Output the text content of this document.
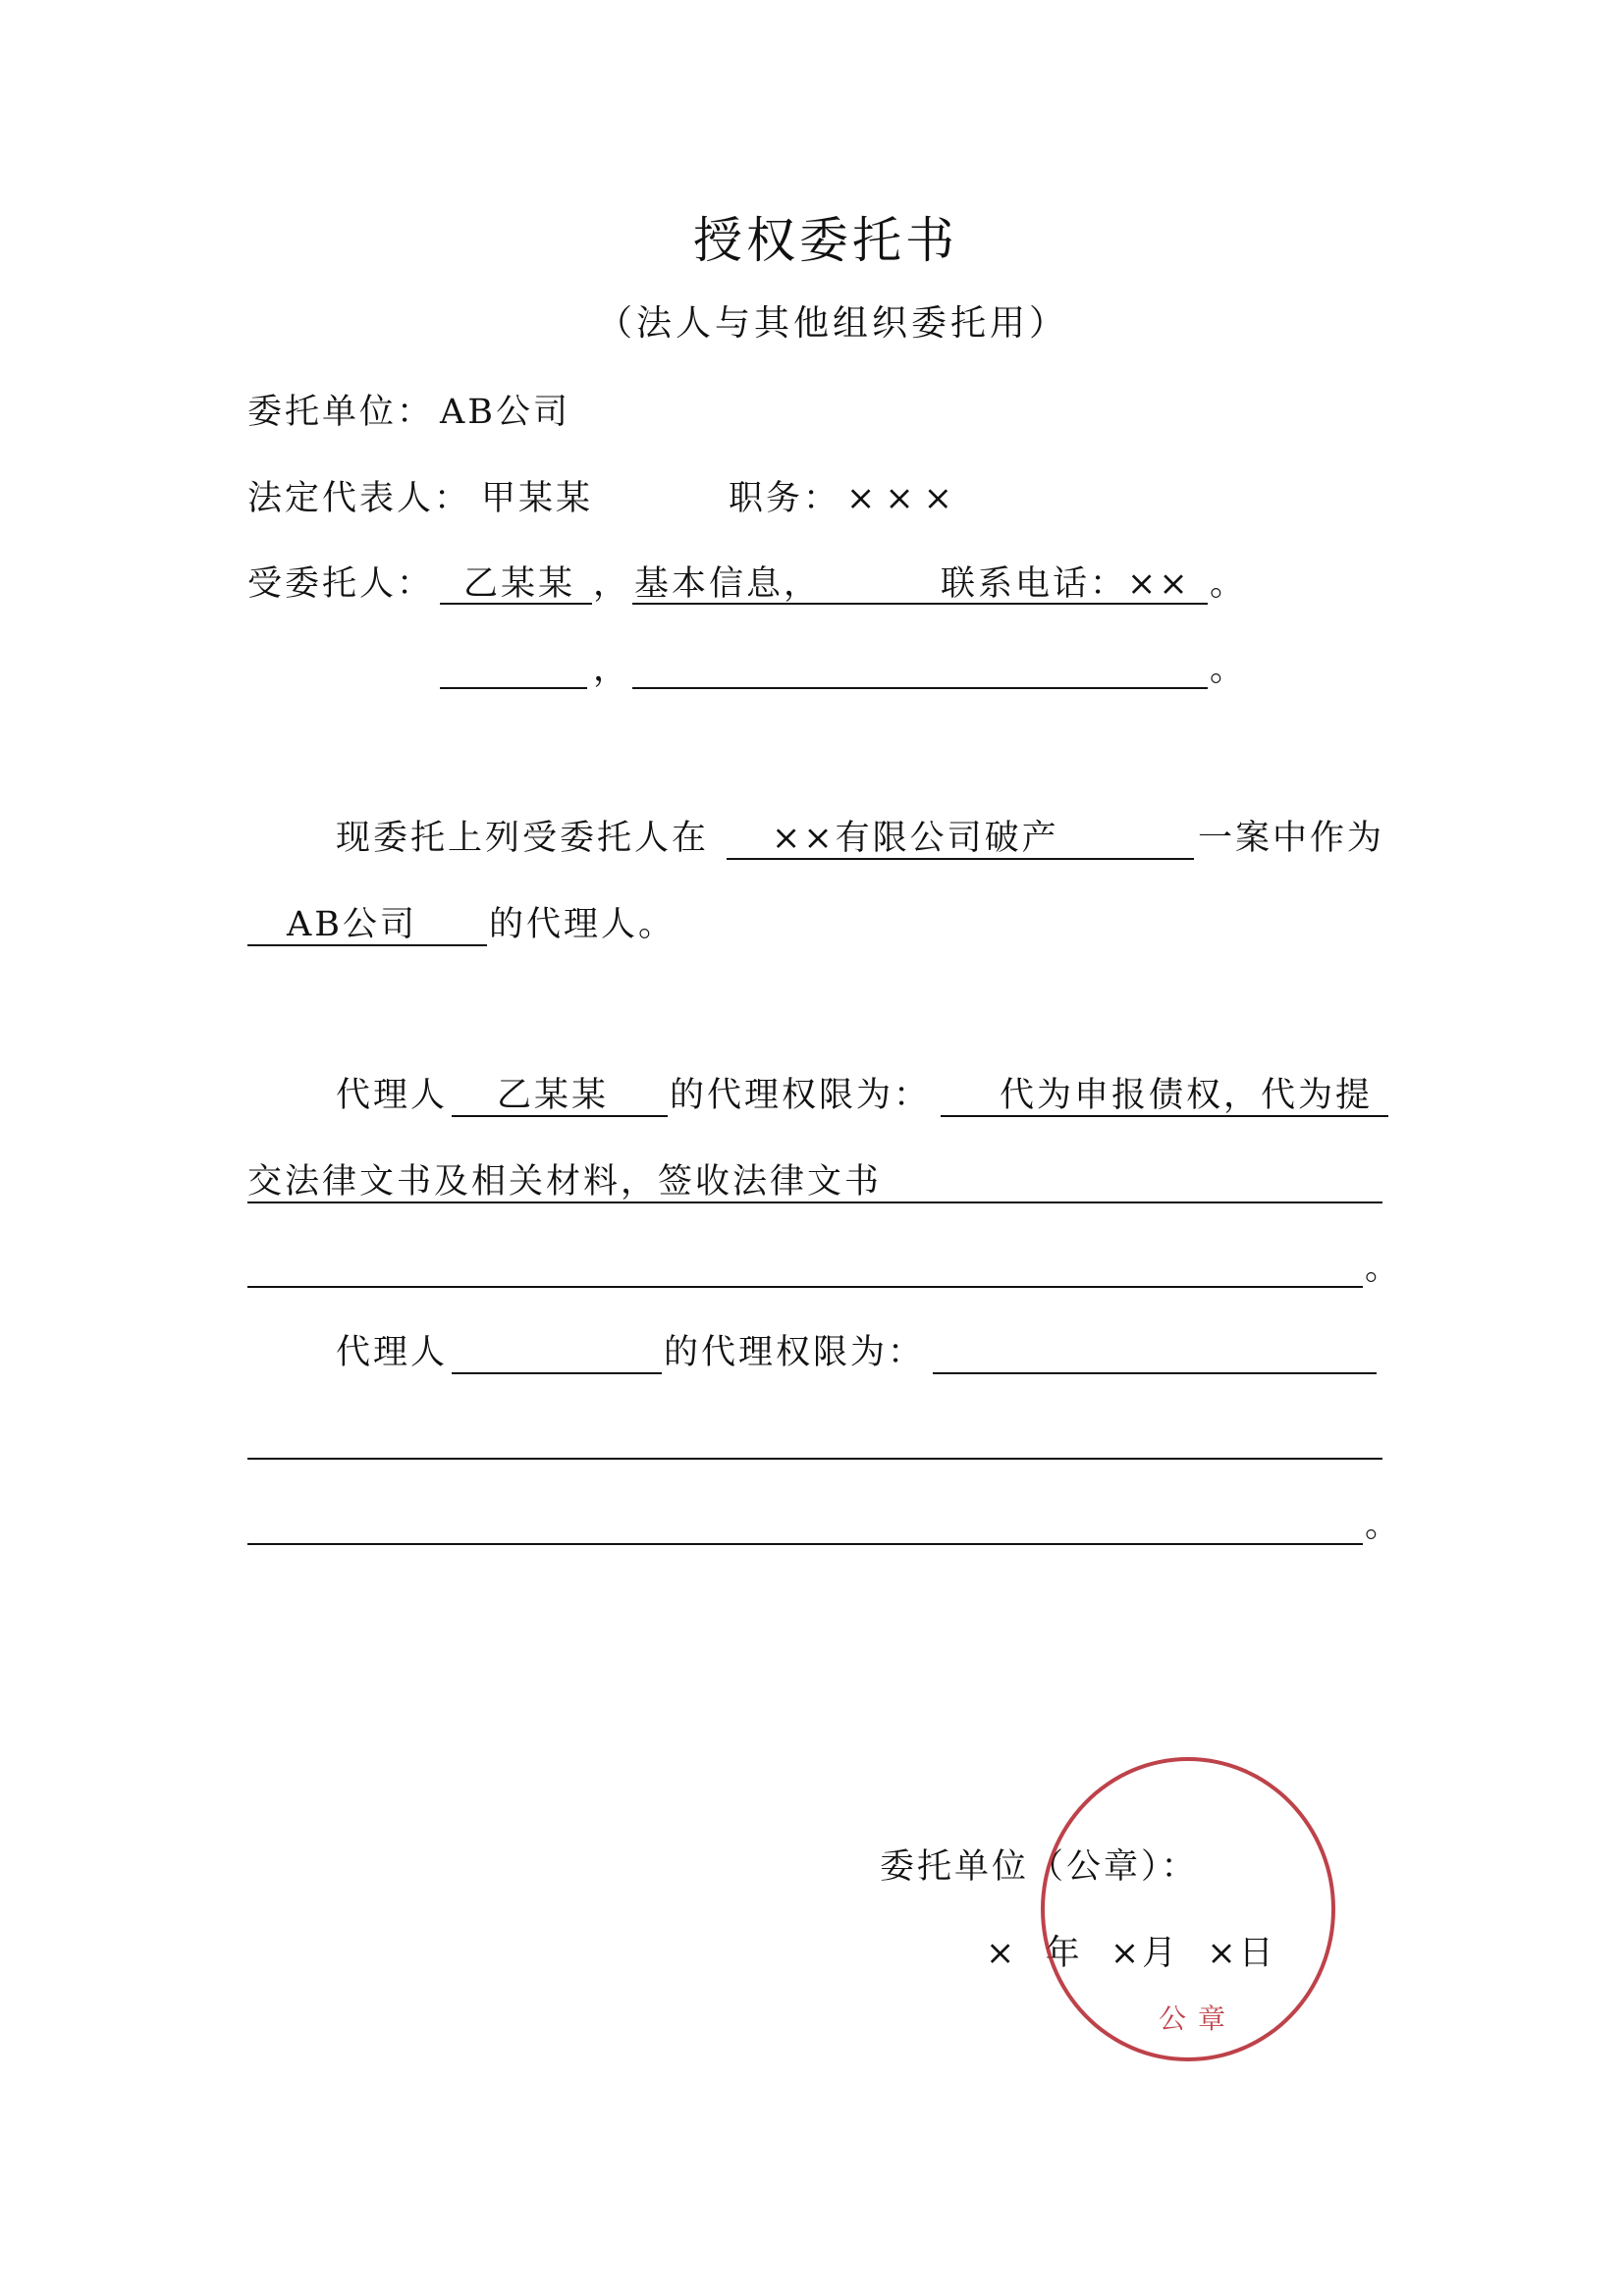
授权委托书
（法人与其他组织委托用）
委托单位： AB公司
法定代表人： 甲某某	职务： ×××
受委托人： 乙某某 ， 基本信息，	联系电话：×× 。
，	。
现委托上列受委托人在 ××有限公司破产	一案中作为
AB公司 的代理人。
代理人 乙某某 的代理权限为： 代为申报债权，代为提
交法律文书及相关材料，签收法律文书
。
代理人	的代理权限为：
。
委托单位（公章）：
×  年  ×月  ×日
公章
